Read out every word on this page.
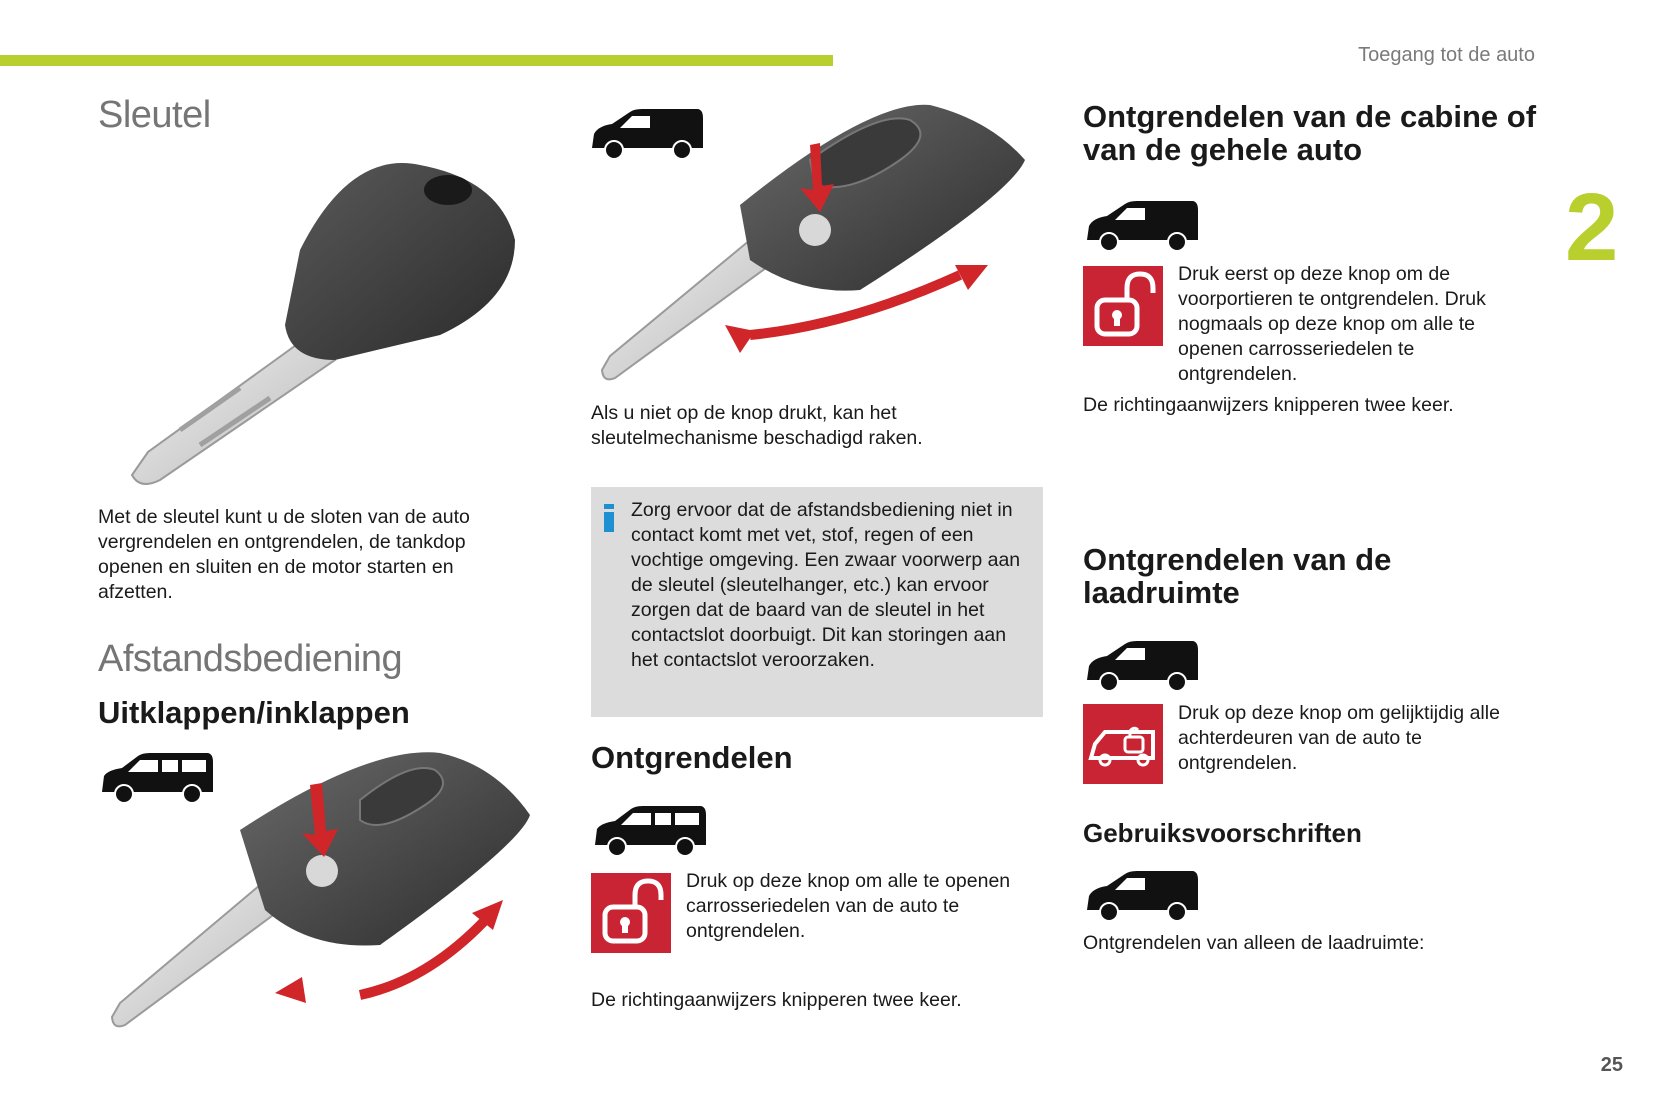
Toegang tot de auto
2
25
Sleutel
Met de sleutel kunt u de sloten van de auto vergrendelen en ontgrendelen, de tankdop openen en sluiten en de motor starten en afzetten.
Afstandsbediening
Uitklappen/inklappen
Als u niet op de knop drukt, kan het sleutelmechanisme beschadigd raken.
Zorg ervoor dat de afstandsbediening niet in contact komt met vet, stof, regen of een vochtige omgeving. Een zwaar voorwerp aan de sleutel (sleutelhanger, etc.) kan ervoor zorgen dat de baard van de sleutel in het contactslot doorbuigt. Dit kan storingen aan het contactslot veroorzaken.
Ontgrendelen
Druk op deze knop om alle te openen carrosseriedelen van de auto te ontgrendelen.
De richtingaanwijzers knipperen twee keer.
Ontgrendelen van de cabine of van de gehele auto
Druk eerst op deze knop om de voorportieren te ontgrendelen. Druk nogmaals op deze knop om alle te openen carrosseriedelen te ontgrendelen.
De richtingaanwijzers knipperen twee keer.
Ontgrendelen van de laadruimte
Druk op deze knop om gelijktijdig alle achterdeuren van de auto te ontgrendelen.
Gebruiksvoorschriften
Ontgrendelen van alleen de laadruimte:
